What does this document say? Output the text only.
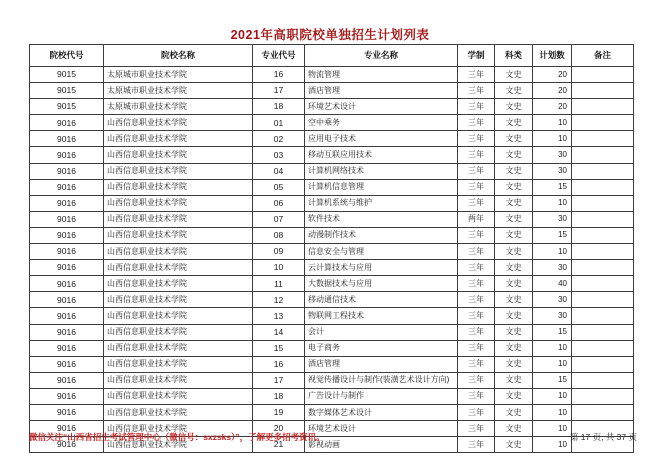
2021年高职院校单独招生计划列表
院校代号	院校名称	专业代号	专业名称	学制	科类	计划数	备注
9015	太原城市职业技术学院	16	物流管理	三年	文史	20	
9015	太原城市职业技术学院	17	酒店管理	三年	文史	20	
9015	太原城市职业技术学院	18	环境艺术设计	三年	文史	20	
9016	山西信息职业技术学院	01	空中乘务	三年	文史	10	
9016	山西信息职业技术学院	02	应用电子技术	三年	文史	10	
9016	山西信息职业技术学院	03	移动互联应用技术	三年	文史	30	
9016	山西信息职业技术学院	04	计算机网络技术	三年	文史	30	
9016	山西信息职业技术学院	05	计算机信息管理	三年	文史	15	
9016	山西信息职业技术学院	06	计算机系统与维护	三年	文史	10	
9016	山西信息职业技术学院	07	软件技术	两年	文史	30	
9016	山西信息职业技术学院	08	动漫制作技术	三年	文史	15	
9016	山西信息职业技术学院	09	信息安全与管理	三年	文史	10	
9016	山西信息职业技术学院	10	云计算技术与应用	三年	文史	30	
9016	山西信息职业技术学院	11	大数据技术与应用	三年	文史	40	
9016	山西信息职业技术学院	12	移动通信技术	三年	文史	30	
9016	山西信息职业技术学院	13	物联网工程技术	三年	文史	30	
9016	山西信息职业技术学院	14	会计	三年	文史	15	
9016	山西信息职业技术学院	15	电子商务	三年	文史	10	
9016	山西信息职业技术学院	16	酒店管理	三年	文史	10	
9016	山西信息职业技术学院	17	视觉传播设计与制作(装潢艺术设计方向)	三年	文史	15	
9016	山西信息职业技术学院	18	广告设计与制作	三年	文史	10	
9016	山西信息职业技术学院	19	数字媒体艺术设计	三年	文史	10	
9016	山西信息职业技术学院	20	环境艺术设计	三年	文史	10	
9016	山西信息职业技术学院	21	影视动画	三年	文史	10	
微信关注“山西省招生考试管理中心（微信号：sxzsks）”，了解更多招考资讯。	第 17 页, 共 37 页
